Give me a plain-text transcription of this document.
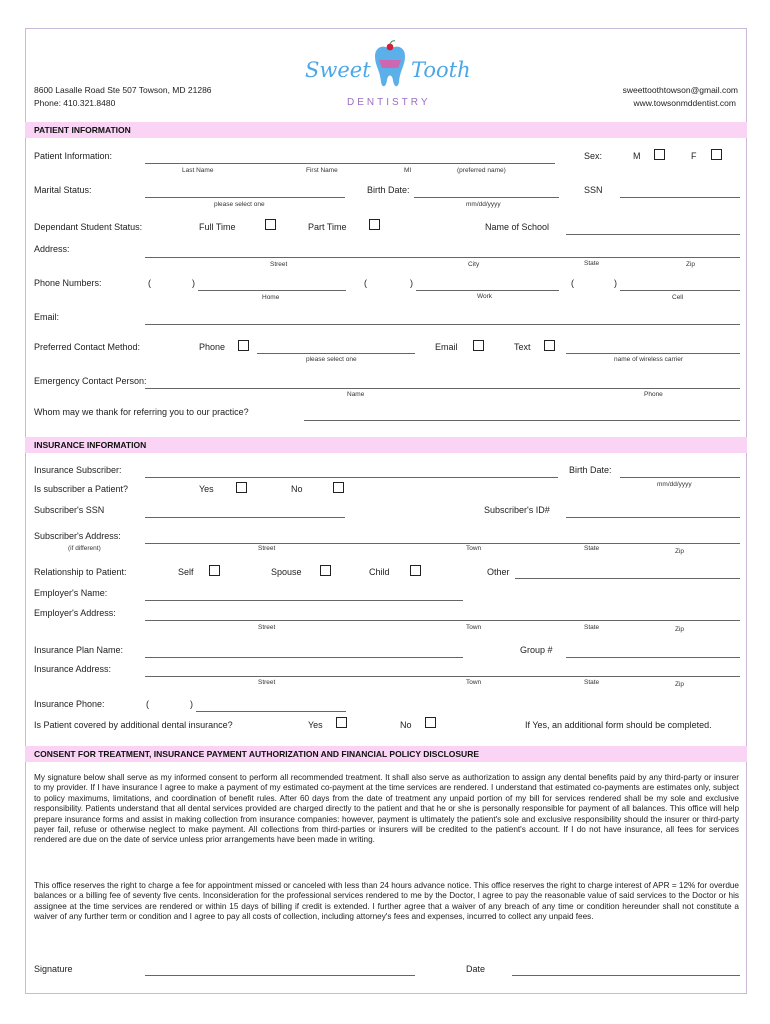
8600 Lasalle Road Ste 507 Towson, MD 21286
Phone: 410.321.8480
sweettoothtowson@gmail.com
www.towsonmddentist.com
Sweet Tooth
DENTISTRY
PATIENT INFORMATION
Patient Information:
Last Name	First Name	MI	(preferred name)
Sex:	M	F
Marital Status:
please select one
Birth Date:
mm/dd/yyyy
SSN
Dependant Student Status:	Full Time	Part Time	Name of School
Address:
Street	City	State	Zip
Phone Numbers:	(	)
Home
(	)
Work
(	)
Cell
Email:
Preferred Contact Method:	Phone
please select one
Email	Text
name of wireless carrier
Emergency Contact Person:
Name	Phone
Whom may we thank for referring you to our practice?
INSURANCE INFORMATION
Insurance Subscriber:	Birth Date:
mm/dd/yyyy
Is subscriber a Patient?	Yes	No
Subscriber's SSN	Subscriber's ID#
Subscriber's Address:
(if different)	Street	Town	State	Zip
Relationship to Patient:	Self	Spouse	Child	Other
Employer's Name:
Employer's Address:
Street	Town	State	Zip
Insurance Plan Name:	Group #
Insurance Address:
Street	Town	State	Zip
Insurance Phone:	(	)
Is Patient covered by additional dental insurance?	Yes	No	If Yes, an additional form should be completed.
CONSENT FOR TREATMENT, INSURANCE PAYMENT AUTHORIZATION AND FINANCIAL POLICY DISCLOSURE
My signature below shall serve as my informed consent to perform all recommended treatment. It shall also serve as authorization to assign any dental benefits paid by any third-party or insurer to my provider. If I have insurance I agree to make a payment of my estimated co-payment at the time services are rendered. I understand that estimated co-payments are estimates only, subject to policy maximums, limitations, and coordination of benefit rules. After 60 days from the date of treatment any unpaid portion of my bill for services rendered shall be my sole and exclusive responsibility. Patients understand that all dental services provided are charged directly to the patient and that he or she is personally responsible for payment of all balances. This office will help prepare insurance forms and assist in making collection from insurance companies: however, payment is ultimately the patient's sole and exclusive responsibility should the insurer or third-party payer fail, refuse or otherwise neglect to make payment. All collections from third-parties or insurers will be credited to the patient's account. If I do not have insurance, all fees for services rendered are due on the date of service unless prior arrangements have been made in writing.
This office reserves the right to charge a fee for appointment missed or canceled with less than 24 hours advance notice. This office reserves the right to charge interest of APR = 12% for overdue balances or a billing fee of seventy five cents. Inconsideration for the professional services rendered to me by the Doctor, I agree to pay the reasonable value of said services to the Doctor or his assignee at the time services are rendered or within 15 days of billing if credit is extended. I further agree that a waiver of any breach of any time or condition hereunder shall not constitute a waiver of any further term or condition and I agree to pay all costs of collection, including attorney's fees and expenses, incurred to collect any unpaid fees.
Signature	Date
